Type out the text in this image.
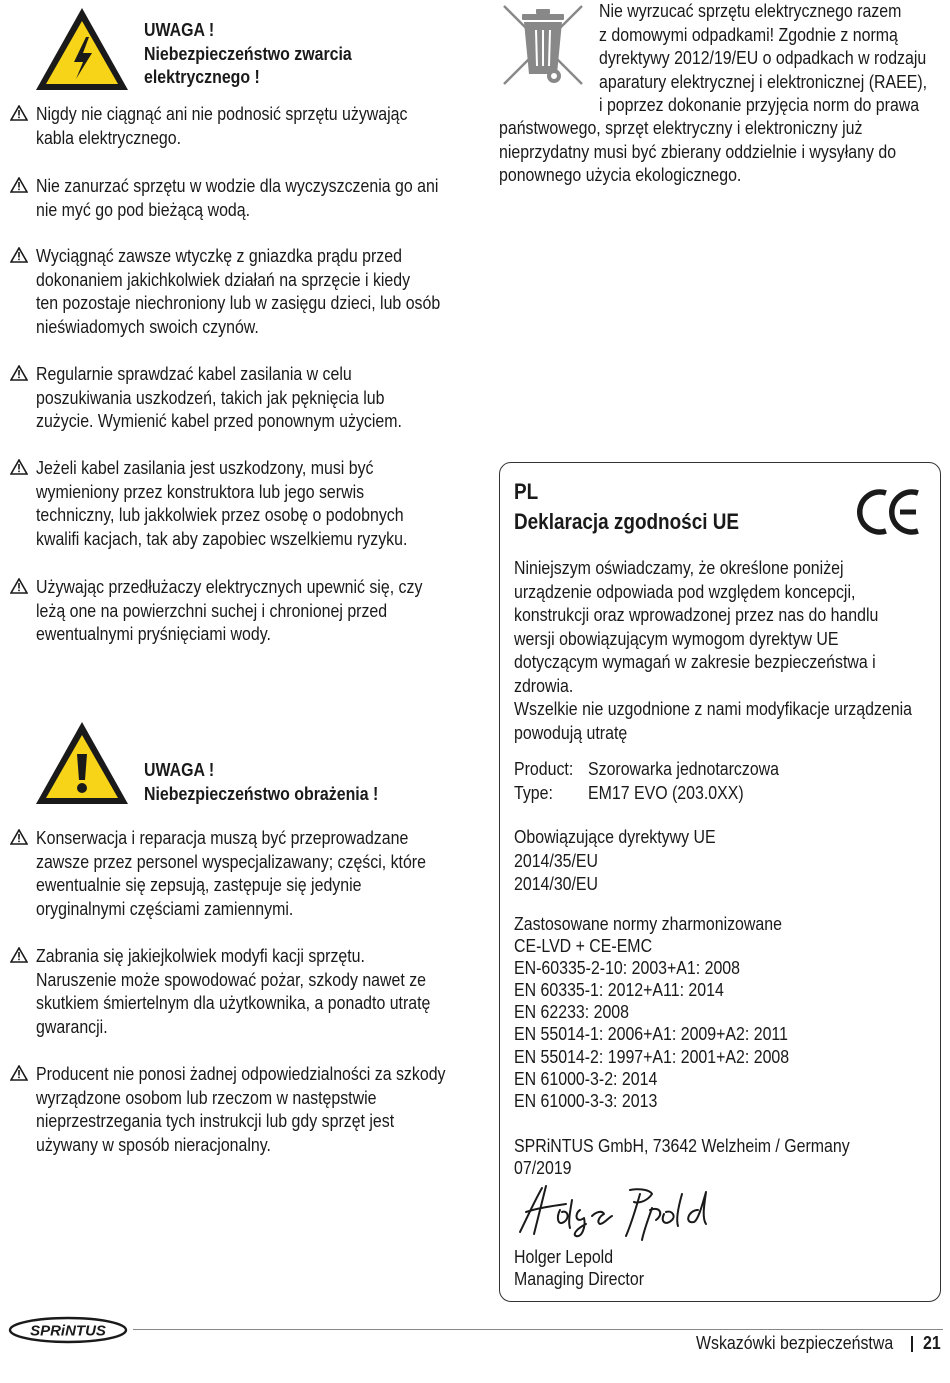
UWAGA !
Niebezpieczeństwo zwarcia
elektrycznego !
Nigdy nie ciągnąć ani nie podnosić sprzętu używając
kabla elektrycznego.
Nie zanurzać sprzętu w wodzie dla wyczyszczenia go ani
nie myć go pod bieżącą wodą.
Wyciągnąć zawsze wtyczkę z gniazdka prądu przed
dokonaniem jakichkolwiek działań na sprzęcie i kiedy
ten pozostaje niechroniony lub w zasięgu dzieci, lub osób
nieświadomych swoich czynów.
Regularnie sprawdzać kabel zasilania w celu
poszukiwania uszkodzeń, takich jak pęknięcia lub
zużycie. Wymienić kabel przed ponownym użyciem.
Jeżeli kabel zasilania jest uszkodzony, musi być
wymieniony przez konstruktora lub jego serwis
techniczny, lub jakkolwiek przez osobę o podobnych
kwalifi kacjach, tak aby zapobiec wszelkiemu ryzyku.
Używając przedłużaczy elektrycznych upewnić się, czy
leżą one na powierzchni suchej i chronionej przed
ewentualnymi pryśnięciami wody.
UWAGA !
Niebezpieczeństwo obrażenia !
Konserwacja i reparacja muszą być przeprowadzane
zawsze przez personel wyspecjalizawany; części, które
ewentualnie się zepsują, zastępuje się jedynie
oryginalnymi częściami zamiennymi.
Zabrania się jakiejkolwiek modyfi kacji sprzętu.
Naruszenie może spowodować pożar, szkody nawet ze
skutkiem śmiertelnym dla użytkownika, a ponadto utratę
gwarancji.
Producent nie ponosi żadnej odpowiedzialności za szkody
wyrządzone osobom lub rzeczom w następstwie
nieprzestrzegania tych instrukcji lub gdy sprzęt jest
używany w sposób nieracjonalny.
Nie wyrzucać sprzętu elektrycznego razem
z domowymi odpadkami! Zgodnie z normą
dyrektywy 2012/19/EU o odpadkach w rodzaju
aparatury elektrycznej i elektronicznej (RAEE),
i poprzez dokonanie przyjęcia norm do prawa
państwowego, sprzęt elektryczny i elektroniczny już
nieprzydatny musi być zbierany oddzielnie i wysyłany do
ponownego użycia ekologicznego.
PL
Deklaracja zgodności UE
Niniejszym oświadczamy, że określone poniżej
urządzenie odpowiada pod względem koncepcji,
konstrukcji oraz wprowadzonej przez nas do handlu
wersji obowiązującym wymogom dyrektyw UE
dotyczącym wymagań w zakresie bezpieczeństwa i
zdrowia.
Wszelkie nie uzgodnione z nami modyfikacje urządzenia
powodują utratę
Product: Szorowarka jednotarczowa
Type:	EM17 EVO (203.0XX)
Obowiązujące dyrektywy UE
2014/35/EU
2014/30/EU
Zastosowane normy zharmonizowane
CE-LVD + CE-EMC
EN-60335-2-10: 2003+A1: 2008
EN 60335-1: 2012+A11: 2014
EN 62233: 2008
EN 55014-1: 2006+A1: 2009+A2: 2011
EN 55014-2: 1997+A1: 2001+A2: 2008
EN 61000-3-2: 2014
EN 61000-3-3: 2013
SPRiNTUS GmbH, 73642 Welzheim / Germany
07/2019
Holger Lepold
Managing Director
SPRiNTUS
Wskazówki bezpieczeństwa	21
